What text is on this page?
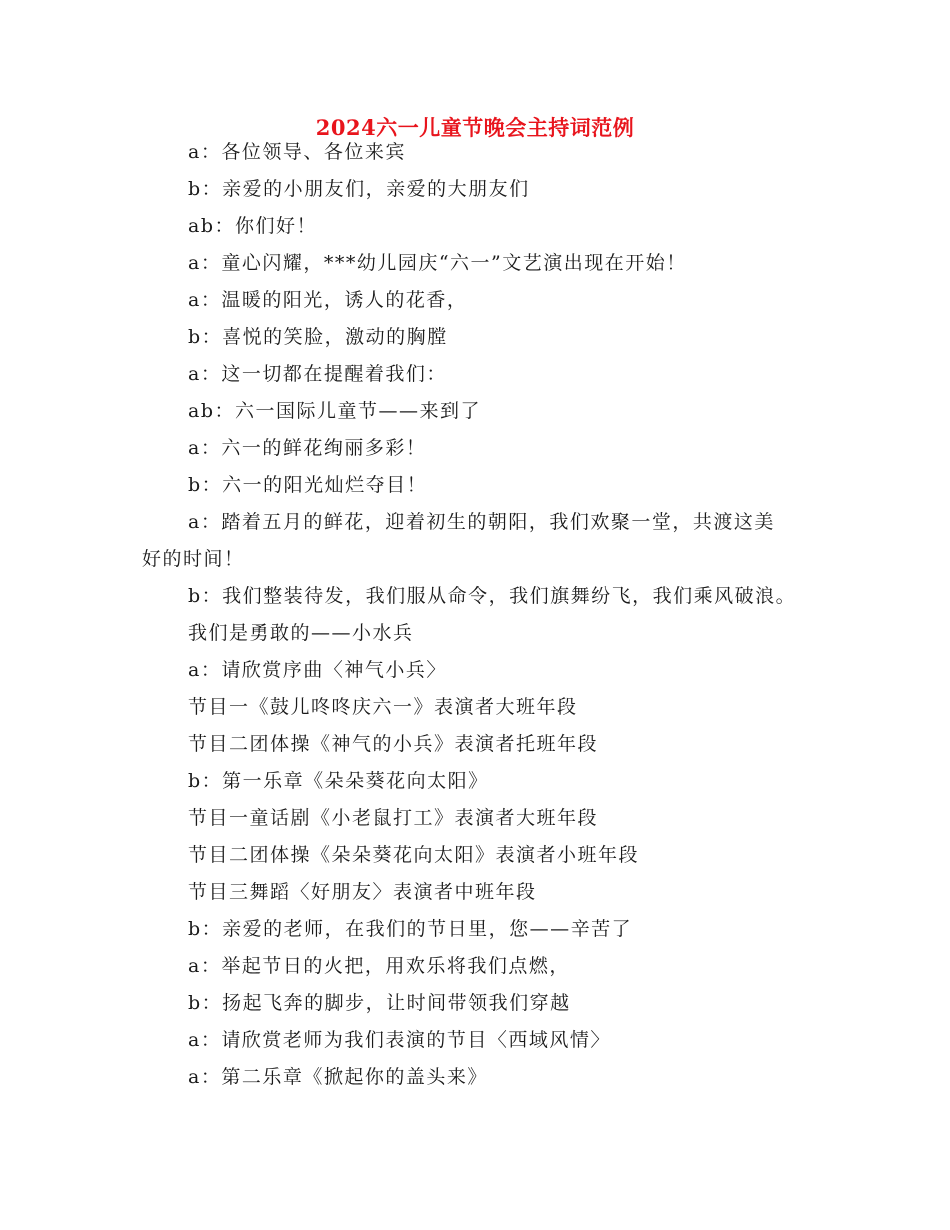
2024六一儿童节晚会主持词范例

a：各位领导、各位来宾

b：亲爱的小朋友们，亲爱的大朋友们

ab：你们好！

a：童心闪耀，***幼儿园庆“六一”文艺演出现在开始！

a：温暖的阳光，诱人的花香，

b：喜悦的笑脸，激动的胸膛

a：这一切都在提醒着我们：

ab：六一国际儿童节——来到了

a：六一的鲜花绚丽多彩！

b：六一的阳光灿烂夺目！

a：踏着五月的鲜花，迎着初生的朝阳，我们欢聚一堂，共渡这美
好的时间！

b：我们整装待发，我们服从命令，我们旗舞纷飞，我们乘风破浪。

我们是勇敢的——小水兵

a：请欣赏序曲〈神气小兵〉

节目一《鼓儿咚咚庆六一》表演者大班年段

节目二团体操《神气的小兵》表演者托班年段

b：第一乐章《朵朵葵花向太阳》

节目一童话剧《小老鼠打工》表演者大班年段

节目二团体操《朵朵葵花向太阳》表演者小班年段

节目三舞蹈〈好朋友〉表演者中班年段

b：亲爱的老师，在我们的节日里，您——辛苦了

a：举起节日的火把，用欢乐将我们点燃，

b：扬起飞奔的脚步，让时间带领我们穿越

a：请欣赏老师为我们表演的节目〈西域风情〉

a：第二乐章《掀起你的盖头来》
